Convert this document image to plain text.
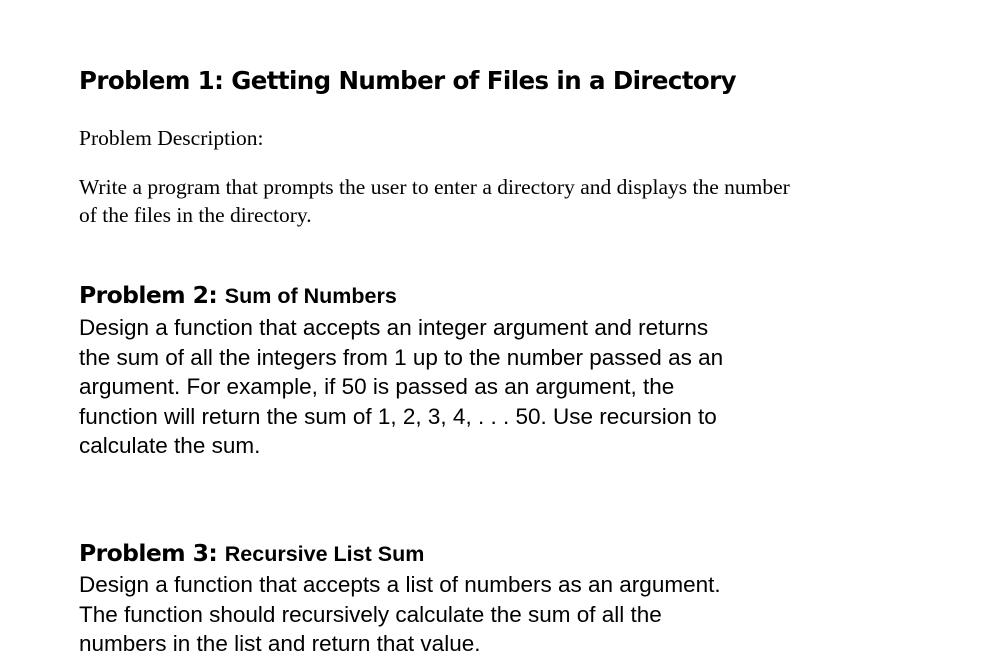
Problem 1: Getting Number of Files in a Directory

Problem Description:

Write a program that prompts the user to enter a directory and displays the number
of the files in the directory.

Problem 2: Sum of Numbers
Design a function that accepts an integer argument and returns
the sum of all the integers from 1 up to the number passed as an
argument. For example, if 50 is passed as an argument, the
function will return the sum of 1, 2, 3, 4, . . . 50. Use recursion to
calculate the sum.
Problem 3: Recursive List Sum
Design a function that accepts a list of numbers as an argument.
The function should recursively calculate the sum of all the
numbers in the list and return that value.
